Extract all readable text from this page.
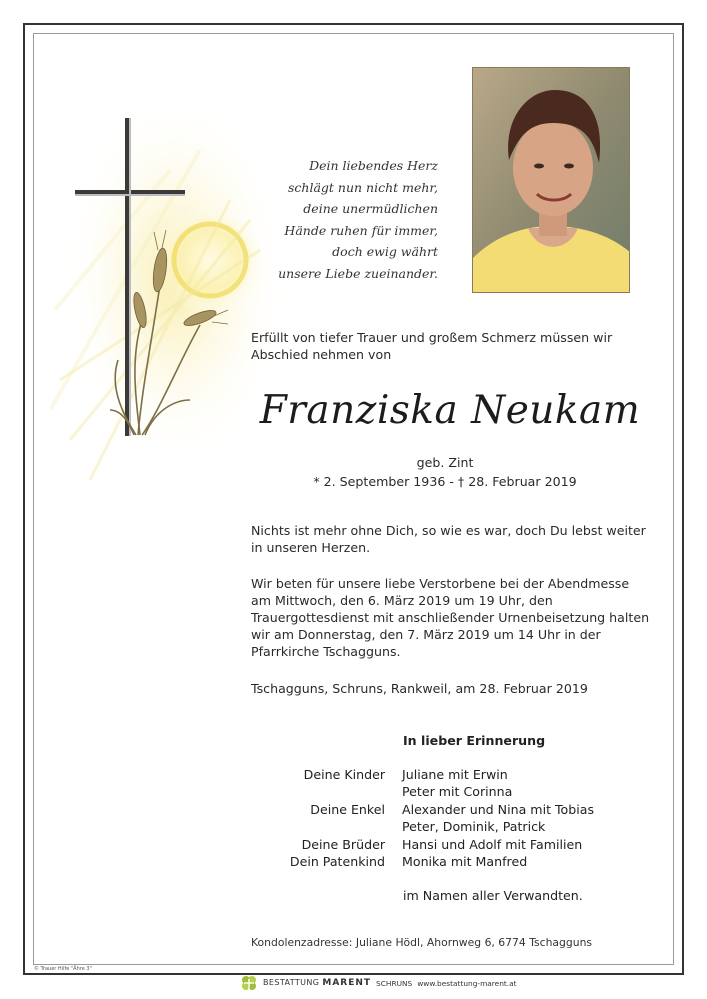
Dein liebendes Herz
schlägt nun nicht mehr,
deine unermüdlichen
Hände ruhen für immer,
doch ewig währt
unsere Liebe zueinander.
Erfüllt von tiefer Trauer und großem Schmerz müssen wir Abschied nehmen von
Franziska Neukam
geb. Zint
* 2. September 1936 - † 28. Februar 2019
Nichts ist mehr ohne Dich, so wie es war, doch Du lebst weiter in unseren Herzen.
Wir beten für unsere liebe Verstorbene bei der Abendmesse am Mittwoch, den 6. März 2019 um 19 Uhr, den Trauergottesdienst mit anschließender Urnenbeisetzung halten wir am Donnerstag, den 7. März 2019 um 14 Uhr in der Pfarrkirche Tschagguns.
Tschagguns, Schruns, Rankweil, am 28. Februar 2019
In lieber Erinnerung
Deine Kinder Juliane mit Erwin
Peter mit Corinna
Deine Enkel Alexander und Nina mit Tobias
Peter, Dominik, Patrick
Deine Brüder Hansi und Adolf mit Familien
Dein Patenkind Monika mit Manfred
im Namen aller Verwandten.
Kondolenzadresse: Juliane Hödl, Ahornweg 6, 6774 Tschagguns
© Trauer Hilfe "Ähre 3"
BESTATTUNG MARENT SCHRUNS www.bestattung-marent.at
